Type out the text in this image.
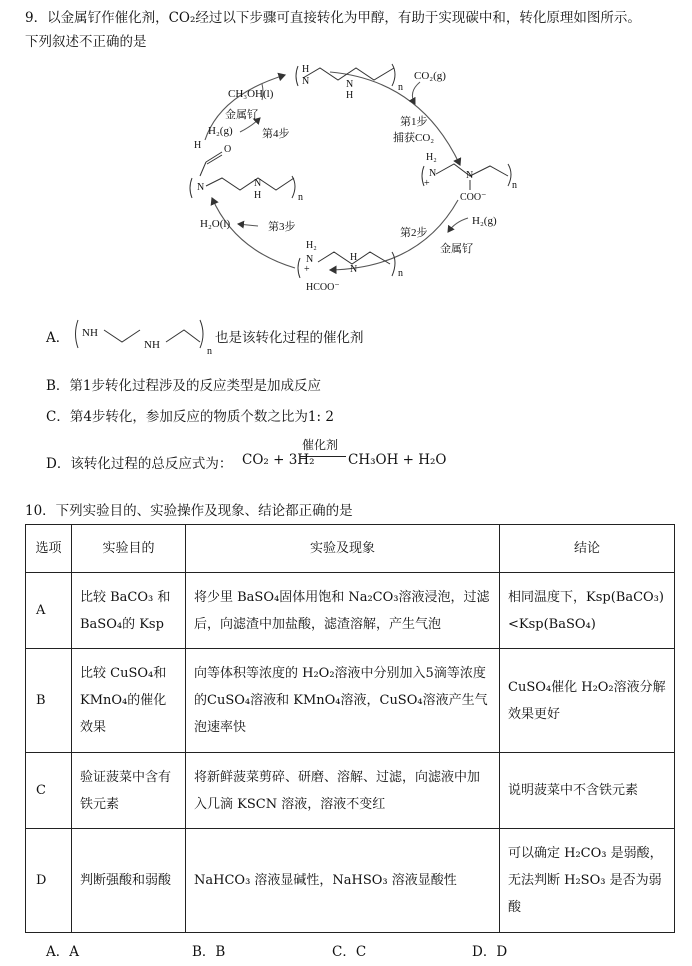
9．以金属钌作催化剂，CO₂经过以下步骤可直接转化为甲醇，有助于实现碳中和，转化原理如图所示。
下列叙述不正确的是
CH₃OH(l)
CO₂(g)
第1步
捕获CO₂
第2步
金属钌
H₂(g)
第3步
H₂O(l)
第4步
金属钌
H₂(g)
H
N	N
H
n
H₂
N
+
N
COO⁻
n
H₂
N
+
H
N
HCOO⁻
n
H O
N
H
N
n
A． NH
NH
n
也是该转化过程的催化剂
B．第1步转化过程涉及的反应类型是加成反应
C．第4步转化，参加反应的物质个数之比为1: 2
D．该转化过程的总反应式为： CO₂ + 3H₂
催化剂
CH₃OH + H₂O
10．下列实验目的、实验操作及现象、结论都正确的是
选项	实验目的	实验及现象	结论
A	比较 BaCO₃ 和 BaSO₄的 Ksp	将少里 BaSO₄固体用饱和 Na₂CO₃溶液浸泡，过滤后，向滤渣中加盐酸，滤渣溶解，产生气泡	相同温度下，Ksp(BaCO₃)<Ksp(BaSO₄)
B	比较 CuSO₄和 KMnO₄的催化效果	向等体积等浓度的 H₂O₂溶液中分别加入5滴等浓度的CuSO₄溶液和 KMnO₄溶液，CuSO₄溶液产生气泡速率快	CuSO₄催化 H₂O₂溶液分解效果更好
C	验证菠菜中含有铁元素	将新鲜菠菜剪碎、研磨、溶解、过滤，向滤液中加入几滴 KSCN 溶液，溶液不变红	说明菠菜中不含铁元素
D	判断强酸和弱酸	NaHCO₃ 溶液显碱性，NaHSO₃ 溶液显酸性	可以确定 H₂CO₃ 是弱酸，无法判断 H₂SO₃ 是否为弱酸
A．A	B．B	C．C	D．D
